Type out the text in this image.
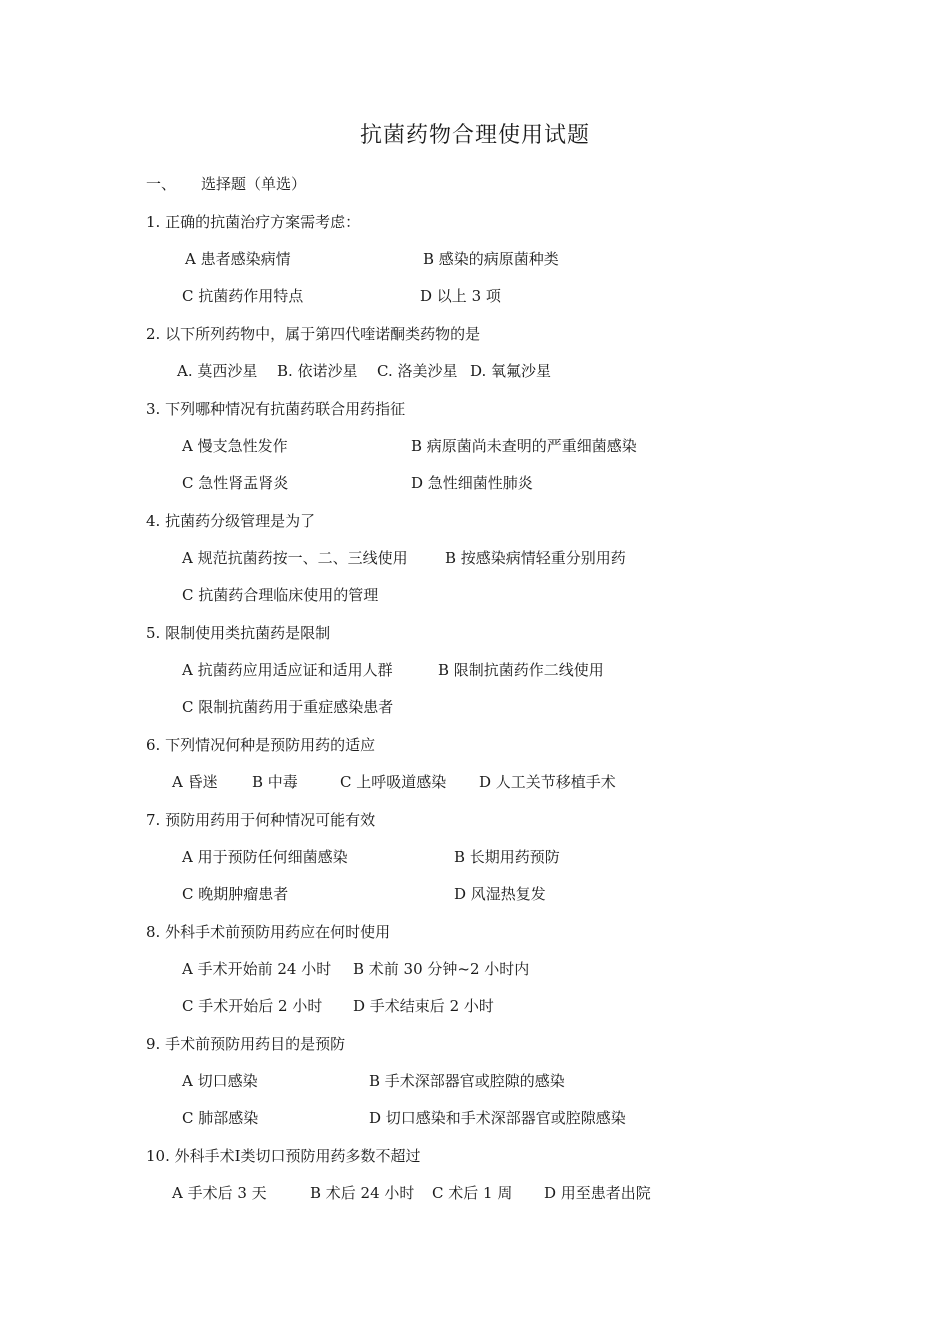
抗菌药物合理使用试题
一、 选择题（单选）
1. 正确的抗菌治疗方案需考虑：
A 患者感染病情	B 感染的病原菌种类
C 抗菌药作用特点	D 以上 3 项
2. 以下所列药物中，属于第四代喹诺酮类药物的是
A. 莫西沙星 B. 依诺沙星 C. 洛美沙星 D. 氧氟沙星
3. 下列哪种情况有抗菌药联合用药指征
A 慢支急性发作	B 病原菌尚未查明的严重细菌感染
C 急性肾盂肾炎	D 急性细菌性肺炎
4. 抗菌药分级管理是为了
A 规范抗菌药按一、二、三线使用 B 按感染病情轻重分别用药
C 抗菌药合理临床使用的管理
5. 限制使用类抗菌药是限制
A 抗菌药应用适应证和适用人群	B 限制抗菌药作二线使用
C 限制抗菌药用于重症感染患者
6. 下列情况何种是预防用药的适应
A 昏迷 B 中毒	C 上呼吸道感染 D 人工关节移植手术
7. 预防用药用于何种情况可能有效
A 用于预防任何细菌感染	B 长期用药预防
C 晚期肿瘤患者	D 风湿热复发
8. 外科手术前预防用药应在何时使用
A 手术开始前 24 小时 B 术前 30 分钟~2 小时内
C 手术开始后 2 小时 D 手术结束后 2 小时
9. 手术前预防用药目的是预防
A 切口感染	B 手术深部器官或腔隙的感染
C 肺部感染	D 切口感染和手术深部器官或腔隙感染
10. 外科手术Ⅰ类切口预防用药多数不超过
A 手术后 3 天	B 术后 24 小时 C 术后 1 周 D 用至患者出院
